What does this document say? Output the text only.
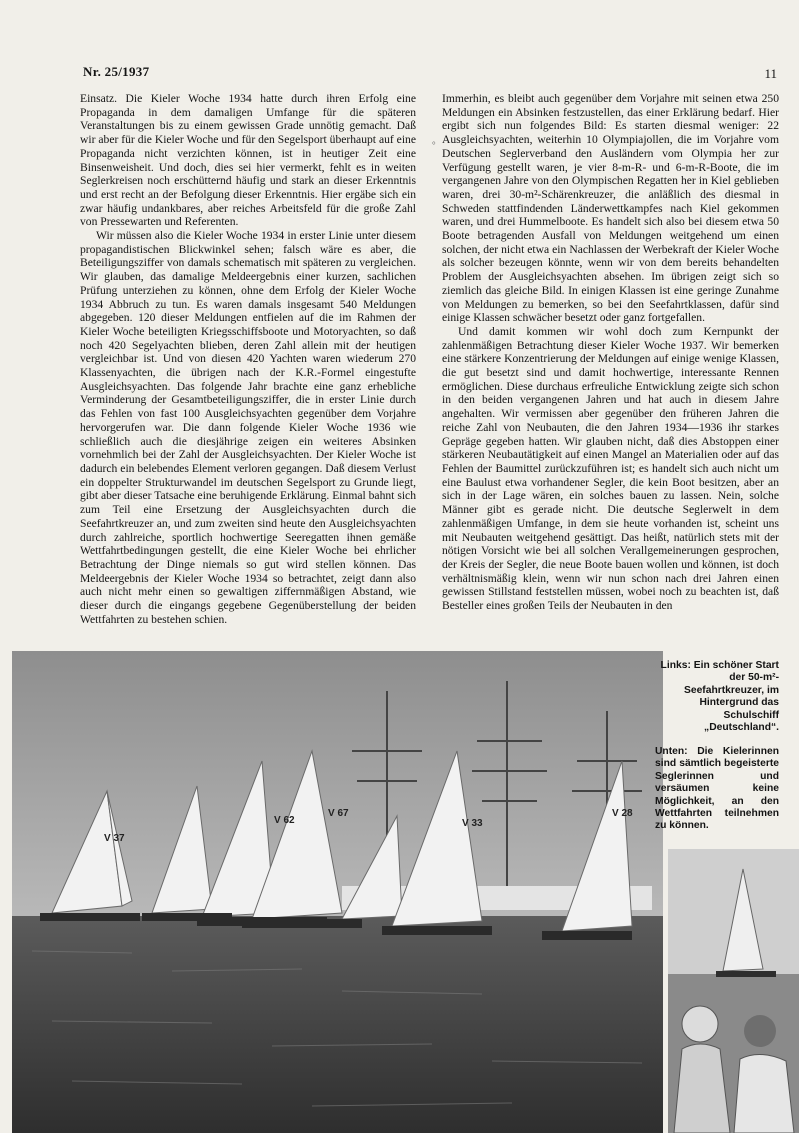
Nr. 25/1937	11

Einsatz. Die Kieler Woche 1934 hatte durch ihren Erfolg eine Propaganda in dem damaligen Umfange für die späteren Veranstaltungen bis zu einem gewissen Grade unnötig gemacht. Daß wir aber für die Kieler Woche und für den Segelsport überhaupt auf eine Propaganda nicht verzichten können, ist in heutiger Zeit eine Binsenweisheit. Und doch, dies sei hier vermerkt, fehlt es in weiten Seglerkreisen noch erschütternd häufig und stark an dieser Erkenntnis und erst recht an der Befolgung dieser Erkenntnis. Hier ergäbe sich ein zwar häufig undankbares, aber reiches Arbeitsfeld für die große Zahl von Pressewarten und Referenten.

Wir müssen also die Kieler Woche 1934 in erster Linie unter diesem propagandistischen Blickwinkel sehen; falsch wäre es aber, die Beteiligungsziffer von damals schematisch mit späteren zu vergleichen. Wir glauben, das damalige Meldeergebnis einer kurzen, sachlichen Prüfung unterziehen zu können, ohne dem Erfolg der Kieler Woche 1934 Abbruch zu tun. Es waren damals insgesamt 540 Meldungen abgegeben. 120 dieser Meldungen entfielen auf die im Rahmen der Kieler Woche beteiligten Kriegsschiffsboote und Motoryachten, so daß noch 420 Segelyachten blieben, deren Zahl allein mit der heutigen vergleichbar ist. Und von diesen 420 Yachten waren wiederum 270 Klassenyachten, die übrigen nach der K.R.-Formel eingestufte Ausgleichsyachten. Das folgende Jahr brachte eine ganz erhebliche Verminderung der Gesamtbeteiligungsziffer, die in erster Linie durch das Fehlen von fast 100 Ausgleichsyachten gegenüber dem Vorjahre hervorgerufen war. Die dann folgende Kieler Woche 1936 wie schließlich auch die diesjährige zeigen ein weiteres Absinken vornehmlich bei der Zahl der Ausgleichsyachten. Der Kieler Woche ist dadurch ein belebendes Element verloren gegangen. Daß diesem Verlust ein doppelter Strukturwandel im deutschen Segelsport zu Grunde liegt, gibt aber dieser Tatsache eine beruhigende Erklärung. Einmal bahnt sich zum Teil eine Ersetzung der Ausgleichsyachten durch die Seefahrtkreuzer an, und zum zweiten sind heute den Ausgleichsyachten durch zahlreiche, sportlich hochwertige Seeregatten ihnen gemäße Wettfahrtbedingungen gestellt, die eine Kieler Woche bei ehrlicher Betrachtung der Dinge niemals so gut wird stellen können. Das Meldeergebnis der Kieler Woche 1934 so betrachtet, zeigt dann also auch nicht mehr einen so gewaltigen ziffernmäßigen Abstand, wie dieser durch die eingangs gegebene Gegenüberstellung der beiden Wettfahrten zu bestehen schien.

Immerhin, es bleibt auch gegenüber dem Vorjahre mit seinen etwa 250 Meldungen ein Absinken festzustellen, das einer Erklärung bedarf. Hier ergibt sich nun folgendes Bild: Es starten diesmal weniger: 22 Ausgleichsyachten, weiterhin 10 Olympiajollen, die im Vorjahre vom Deutschen Seglerverband den Ausländern vom Olympia her zur Verfügung gestellt waren, je vier 8-m-R- und 6-m-R-Boote, die im vergangenen Jahre von den Olympischen Regatten her in Kiel geblieben waren, drei 30-m²-Schärenkreuzer, die anläßlich des diesmal in Schweden stattfindenden Länderwettkampfes nach Kiel gekommen waren, und drei Hummelboote. Es handelt sich also bei diesem etwa 50 Boote betragenden Ausfall von Meldungen weitgehend um einen solchen, der nicht etwa ein Nachlassen der Werbekraft der Kieler Woche als solcher bezeugen könnte, wenn wir von dem bereits behandelten Problem der Ausgleichsyachten absehen. Im übrigen zeigt sich so ziemlich das gleiche Bild. In einigen Klassen ist eine geringe Zunahme von Meldungen zu bemerken, so bei den Seefahrtklassen, dafür sind einige Klassen schwächer besetzt oder ganz fortgefallen.

Und damit kommen wir wohl doch zum Kernpunkt der zahlenmäßigen Betrachtung dieser Kieler Woche 1937. Wir bemerken eine stärkere Konzentrierung der Meldungen auf einige wenige Klassen, die gut besetzt sind und damit hochwertige, interessante Rennen ermöglichen. Diese durchaus erfreuliche Entwicklung zeigte sich schon in den beiden vergangenen Jahren und hat auch in diesem Jahre angehalten. Wir vermissen aber gegenüber den früheren Jahren die reiche Zahl von Neubauten, die den Jahren 1934—1936 ihr starkes Gepräge gegeben hatten. Wir glauben nicht, daß dies Abstoppen einer stärkeren Neubautätigkeit auf einen Mangel an Materialien oder auf das Fehlen der Baumittel zurückzuführen ist; es handelt sich auch nicht um eine Baulust etwa vorhandener Segler, die kein Boot besitzen, aber an sich in der Lage wären, ein solches bauen zu lassen. Nein, solche Männer gibt es gerade nicht. Die deutsche Seglerwelt in dem zahlenmäßigen Umfange, in dem sie heute vorhanden ist, scheint uns mit Neubauten weitgehend gesättigt. Das heißt, natürlich stets mit der nötigen Vorsicht wie bei all solchen Verallgemeinerungen gesprochen, der Kreis der Segler, die neue Boote bauen wollen und können, ist doch verhältnismäßig klein, wenn wir nun schon nach drei Jahren einen gewissen Stillstand feststellen müssen, wobei noch zu beachten ist, daß Besteller eines großen Teils der Neubauten in den

V 37
V 62
V 67
V 33
V 28
Links: Ein schöner Start der 50-m²-Seefahrtkreuzer, im Hintergrund das Schulschiff „Deutschland“.
Unten: Die Kielerinnen sind sämtlich begeisterte Seglerinnen und versäumen keine Möglichkeit, an den Wettfahrten teilnehmen zu können.
°
